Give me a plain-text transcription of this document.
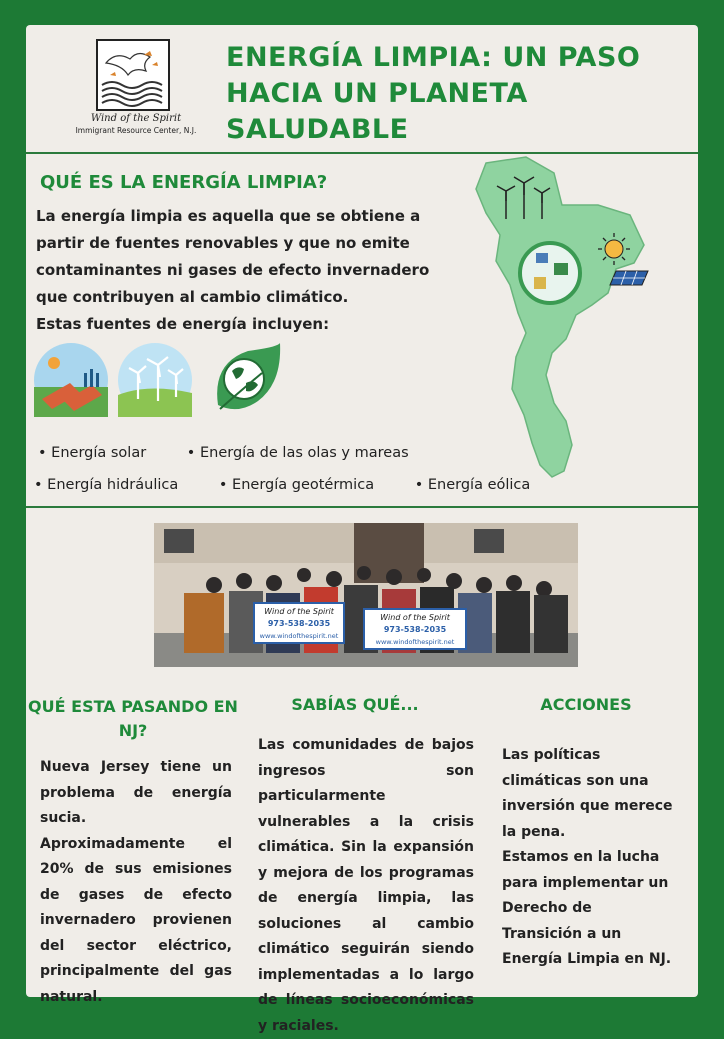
Wind of the Spirit
Immigrant Resource Center, N.J.
ENERGÍA LIMPIA: UN PASO HACIA UN PLANETA SALUDABLE
QUÉ ES LA ENERGÍA LIMPIA?

La energía limpia es aquella que se obtiene a partir de fuentes renovables y que no emite contaminantes ni gases de efecto invernadero que contribuyen al cambio climático.

Estas fuentes de energía incluyen:

• Energía solar	• Energía de las olas y mareas
• Energía hidráulica	• Energía geotérmica	• Energía eólica
Wind of the Spirit
973-538-2035
www.windofthespirit.net
Wind of the Spirit
973-538-2035
www.windofthespirit.net
QUÉ ESTA PASANDO EN NJ?
SABÍAS QUÉ...	ACCIONES
Nueva Jersey tiene un problema de energía sucia. Aproximadamente el 20% de sus emisiones de gases de efecto invernadero provienen del sector eléctrico, principalmente del gas natural.
Las comunidades de bajos ingresos son particularmente vulnerables a la crisis climática. Sin la expansión y mejora de los programas de energía limpia, las soluciones al cambio climático seguirán siendo implementadas a lo largo de líneas socioeconómicas y raciales.

Las políticas climáticas son una inversión que merece la pena.

Estamos en la lucha para implementar un Derecho de Transición a un Energía Limpia en NJ.
